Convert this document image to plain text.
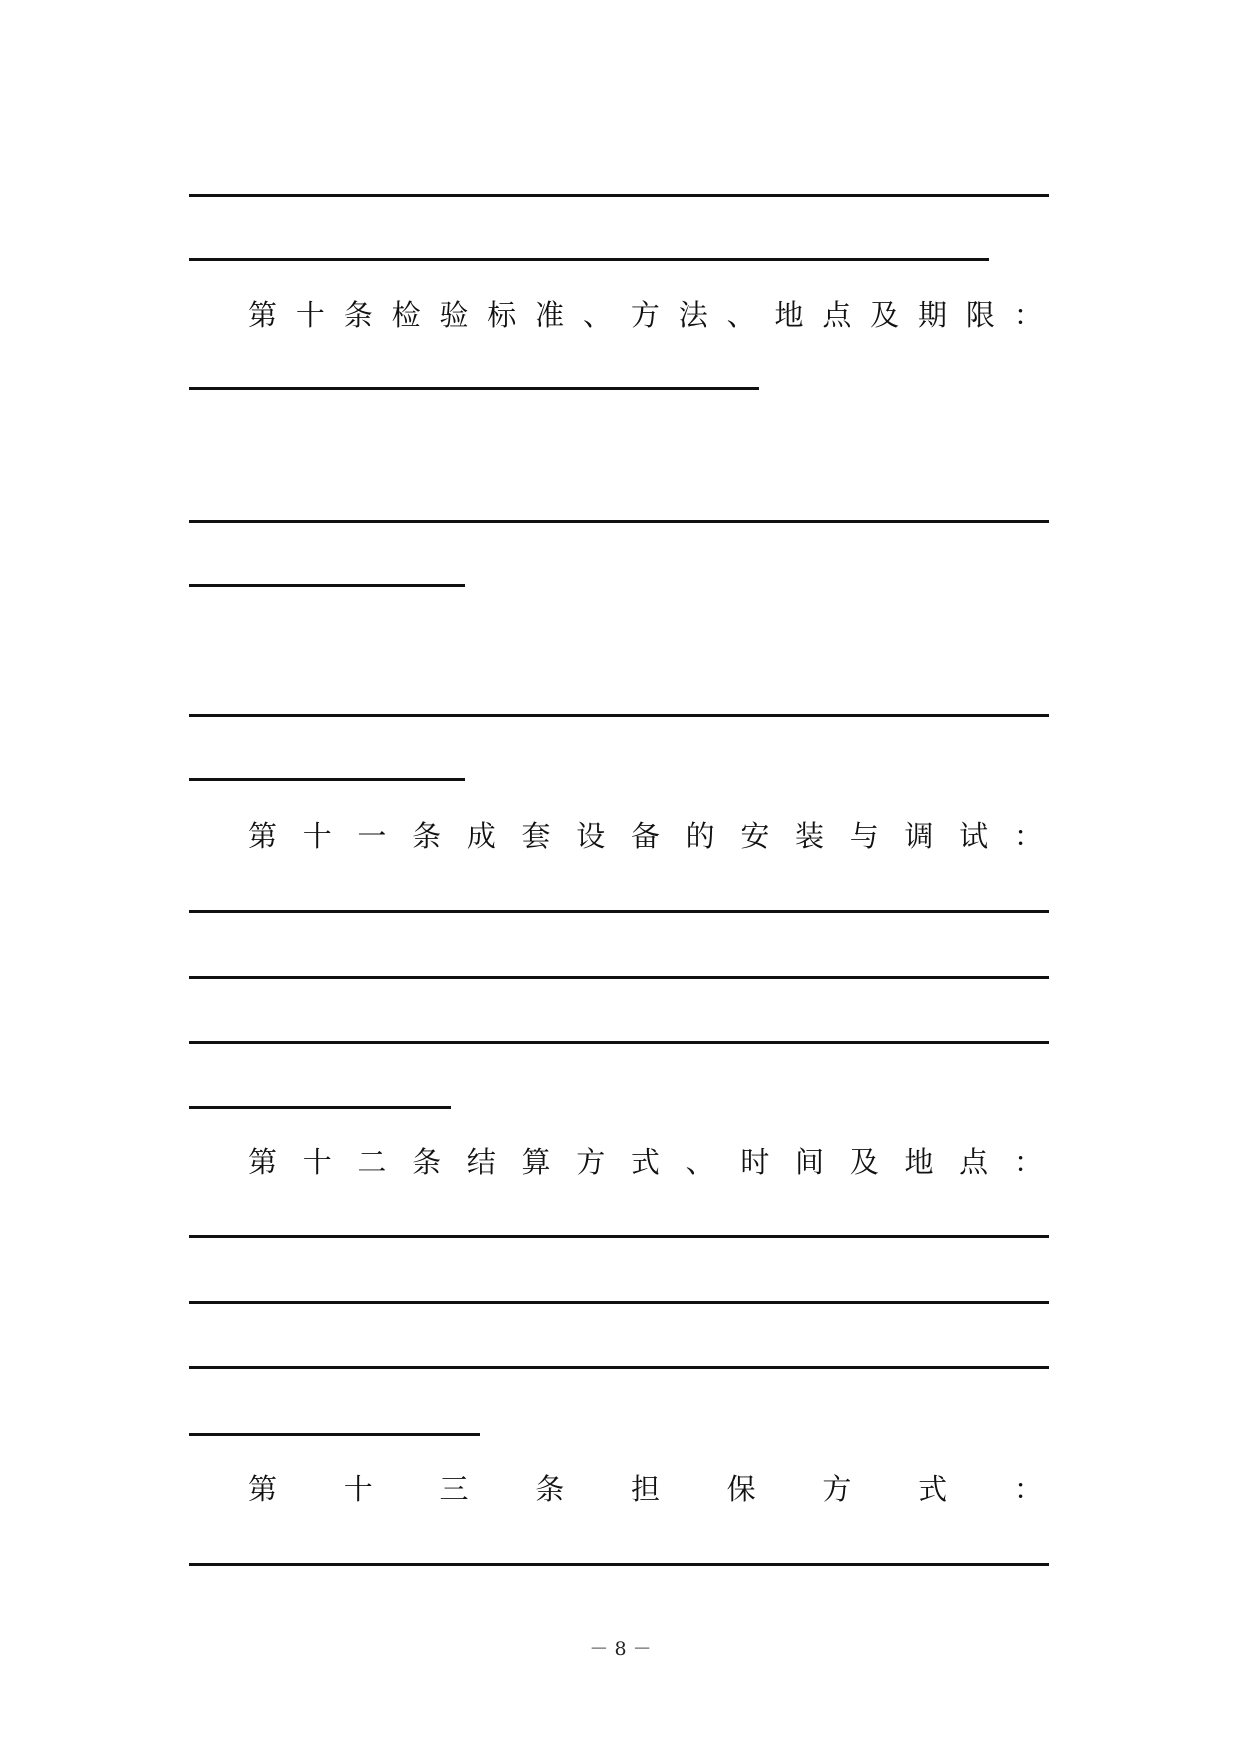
第 十 条 检 验 标 准 、 方 法 、 地 点 及 期 限 ：
第 十 一 条 成 套 设 备 的 安 装 与 调 试 ：
第 十 二 条 结 算 方 式 、 时 间 及 地 点 ：
第 十 三 条 担 保 方 式 ：
－ 8 －
